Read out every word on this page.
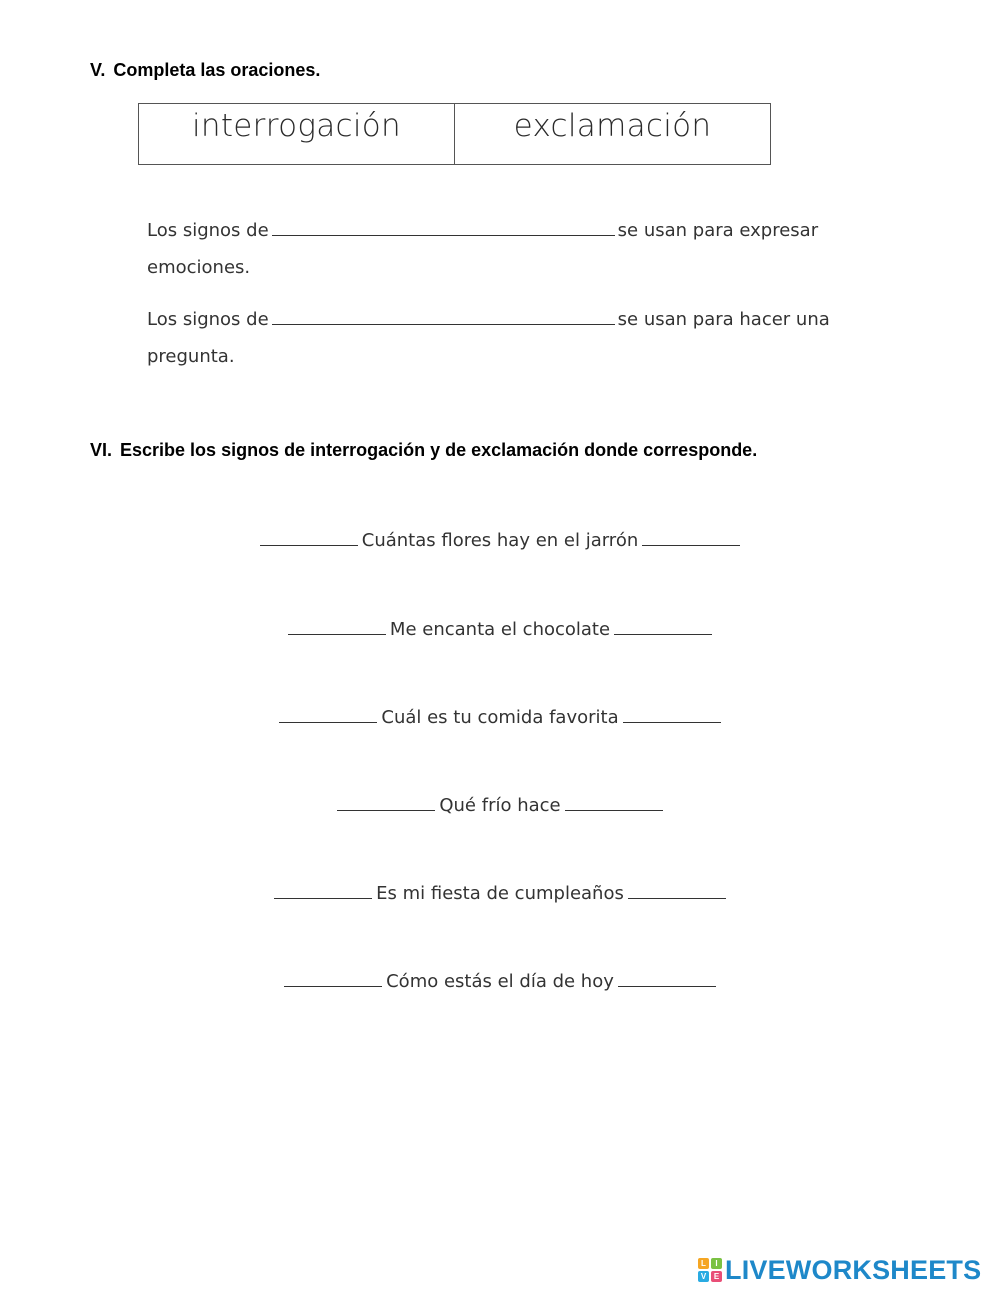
V. Completa las oraciones.
interrogación	exclamación
Los signos de	se usan para expresar emociones.
Los signos de	se usan para hacer una pregunta.
VI. Escribe los signos de interrogación y de exclamación donde corresponde.
Cuántas flores hay en el jarrón
Me encanta el chocolate
Cuál es tu comida favorita
Qué frío hace
Es mi fiesta de cumpleaños
Cómo estás el día de hoy
L	I
V E LIVEWORKSHEETS
